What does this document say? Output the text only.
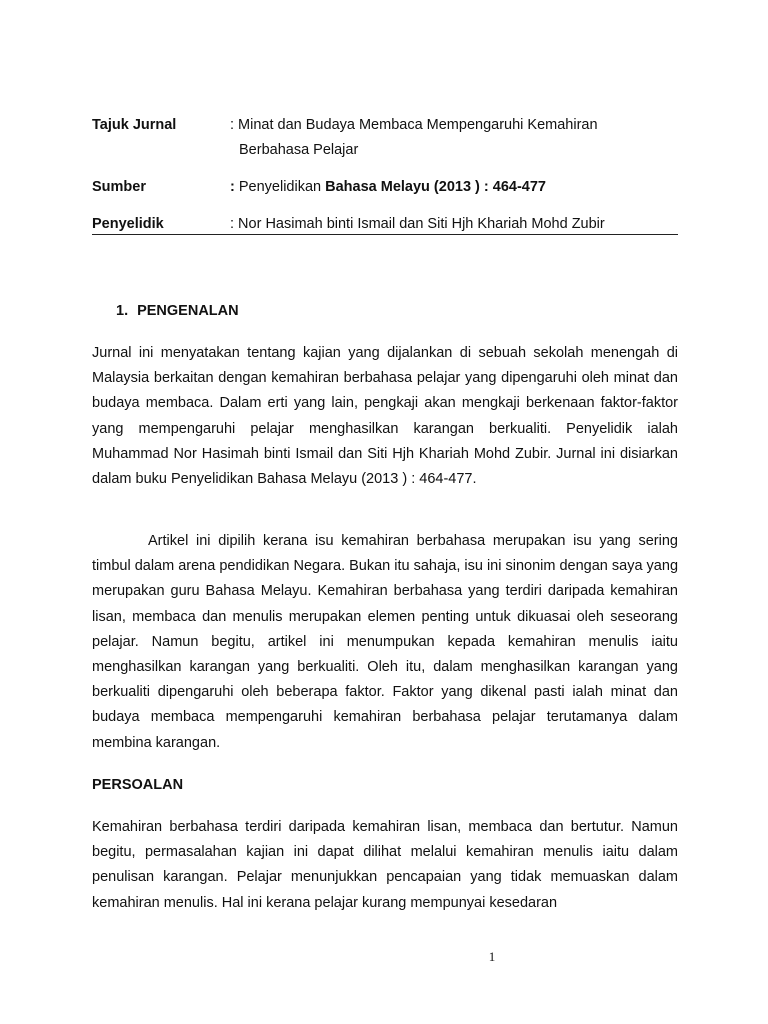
Tajuk Jurnal	: Minat dan Budaya Membaca Mempengaruhi Kemahiran
Berbahasa Pelajar
Sumber	: Penyelidikan Bahasa Melayu (2013 ) : 464-477
Penyelidik	: Nor Hasimah binti Ismail dan Siti Hjh Khariah Mohd Zubir
1. PENGENALAN

Jurnal ini menyatakan tentang kajian yang dijalankan di sebuah sekolah menengah di Malaysia berkaitan dengan kemahiran berbahasa pelajar yang dipengaruhi oleh minat dan budaya membaca. Dalam erti yang lain, pengkaji akan mengkaji berkenaan faktor-faktor yang mempengaruhi pelajar menghasilkan karangan berkualiti. Penyelidik ialah Muhammad Nor Hasimah binti Ismail dan Siti Hjh Khariah Mohd Zubir. Jurnal ini disiarkan dalam buku Penyelidikan Bahasa Melayu (2013 ) : 464-477.

Artikel ini dipilih kerana isu kemahiran berbahasa merupakan isu yang sering timbul dalam arena pendidikan Negara. Bukan itu sahaja, isu ini sinonim dengan saya yang merupakan guru Bahasa Melayu. Kemahiran berbahasa yang terdiri daripada kemahiran lisan, membaca dan menulis merupakan elemen penting untuk dikuasai oleh seseorang pelajar. Namun begitu, artikel ini menumpukan kepada kemahiran menulis iaitu menghasilkan karangan yang berkualiti. Oleh itu, dalam menghasilkan karangan yang berkualiti dipengaruhi oleh beberapa faktor. Faktor yang dikenal pasti ialah minat dan budaya membaca mempengaruhi kemahiran berbahasa pelajar terutamanya dalam membina karangan.

PERSOALAN

Kemahiran berbahasa terdiri daripada kemahiran lisan, membaca dan bertutur. Namun begitu, permasalahan kajian ini dapat dilihat melalui kemahiran menulis iaitu dalam penulisan karangan. Pelajar menunjukkan pencapaian yang tidak memuaskan dalam kemahiran menulis. Hal ini kerana pelajar kurang mempunyai kesedaran

1
